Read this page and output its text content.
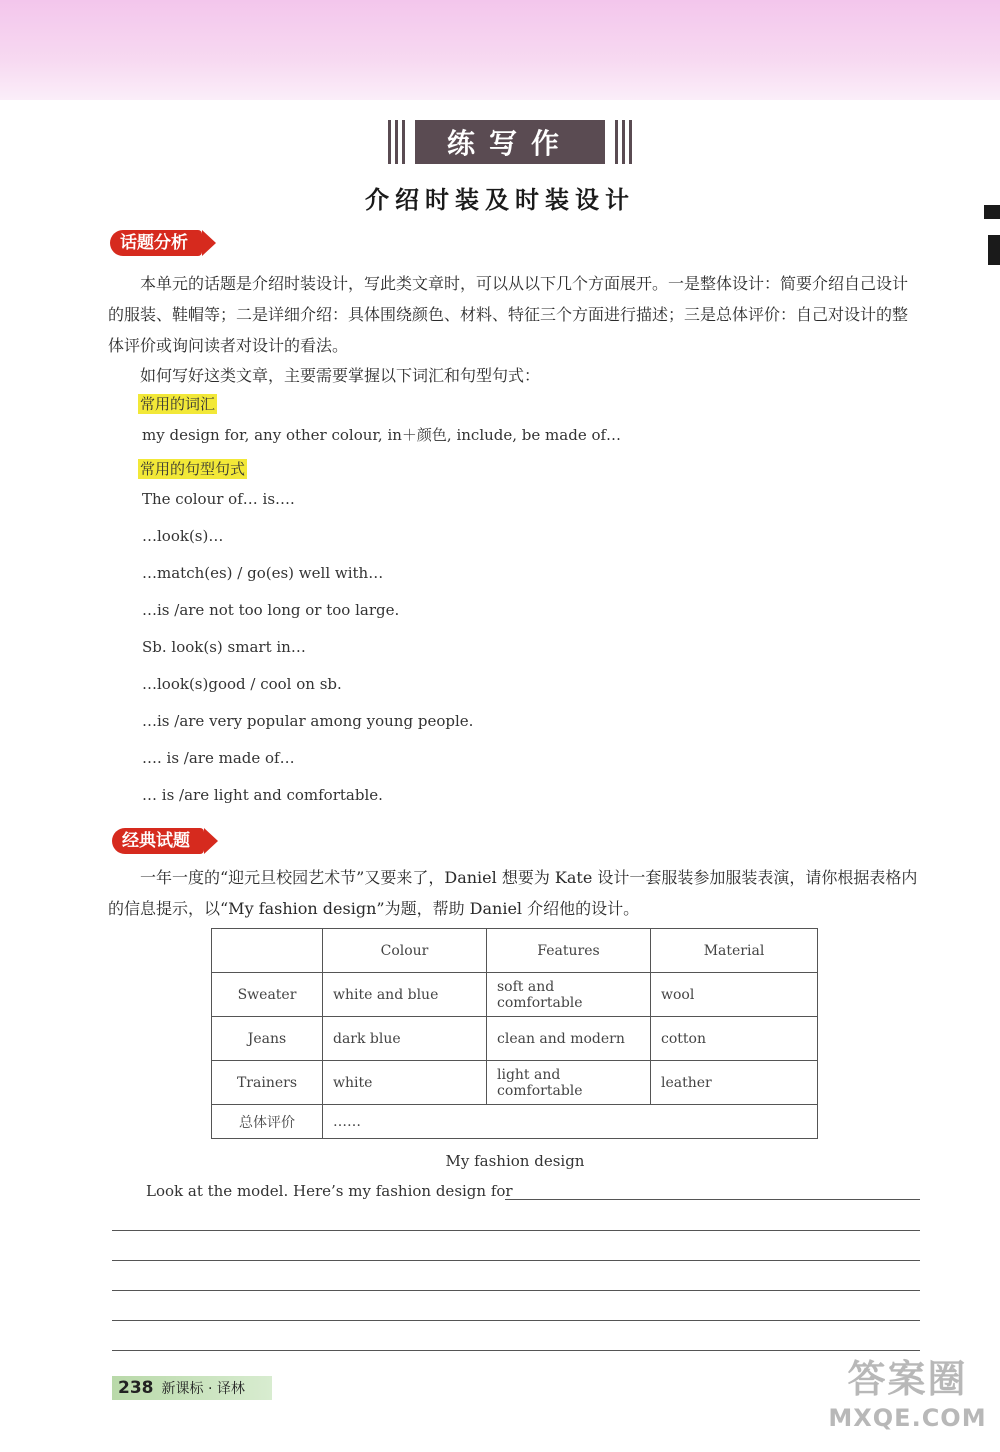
练写作
介绍时装及时装设计
话题分析
本单元的话题是介绍时装设计，写此类文章时，可以从以下几个方面展开。一是整体设计：简要介绍自己设计的服装、鞋帽等；二是详细介绍：具体围绕颜色、材料、特征三个方面进行描述；三是总体评价：自己对设计的整体评价或询问读者对设计的看法。
如何写好这类文章，主要需要掌握以下词汇和句型句式：
常用的词汇
my design for, any other colour, in＋颜色, include, be made of…
常用的句型句式
The colour of… is….
…look(s)…
…match(es) / go(es) well with…
…is /are not too long or too large.
Sb. look(s) smart in…
…look(s)good / cool on sb.
…is /are very popular among young people.
…. is /are made of…
… is /are light and comfortable.
经典试题
一年一度的“迎元旦校园艺术节”又要来了，Daniel 想要为 Kate 设计一套服装参加服装表演，请你根据表格内的信息提示，以“My fashion design”为题，帮助 Daniel 介绍他的设计。
	Colour	Features	Material
Sweater	white and blue	soft and comfortable	wool
Jeans	dark blue	clean and modern	cotton
Trainers	white	light and comfortable	leather
总体评价	……		
My fashion design
Look at the model. Here’s my fashion design for
238 新课标 · 译林	答案圈
MXQE.COM
